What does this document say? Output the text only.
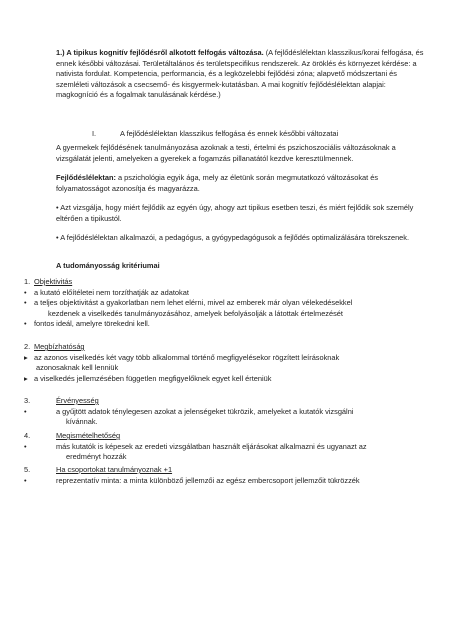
1.) A tipikus kognitív fejlődésről alkotott felfogás változása. (A fejlődéslélektan klasszikus/korai felfogása, és ennek későbbi változásai. Területáltalános és területspecifikus rendszerek. Az öröklés és környezet kérdése: a nativista fordulat. Kompetencia, performancia, és a legközelebbi fejlődési zóna; alapvető módszertani és szemléleti változások a csecsemő- és kisgyermek-kutatásban. A mai kognitív fejlődéslélektan alapjai: magkogníció és a fogalmak tanulásának kérdése.)

I.	A fejlődéslélektan klasszikus felfogása és ennek későbbi változatai

A gyermekek fejlődésének tanulmányozása azoknak a testi, értelmi és pszichoszociális változásoknak a vizsgálatát jelenti, amelyeken a gyerekek a fogamzás pillanatától kezdve keresztülmennek.

Fejlődéslélektan: a pszichológia egyik ága, mely az életünk során megmutatkozó változásokat és folyamatosságot azonosítja és magyarázza.

• Azt vizsgálja, hogy miért fejlődik az egyén úgy, ahogy azt tipikus esetben teszi, és miért fejlődik sok személy eltérően a tipikustól.

• A fejlődéslélektan alkalmazói, a pedagógus, a gyógypedagógusok a fejlődés optimalizálására törekszenek.

A tudományosság kritériumai

1. Objektivitás
•	a kutató előítéletei nem torzíthatják az adatokat
•	a teljes objektivitást a gyakorlatban nem lehet elérni, mivel az emberek már olyan vélekedésekkel
kezdenek a viselkedés tanulmányozásához, amelyek befolyásolják a látottak értelmezését
•	fontos ideál, amelyre törekedni kell.
2. Megbízhatóság
▸ az azonos viselkedés két vagy több alkalommal történő megfigyelésekor rögzített leírásoknak
azonosaknak kell lenniük
▸ a viselkedés jellemzésében független megfigyelőknek egyet kell érteniük
3.	Érvényesség
•	a gyűjtött adatok ténylegesen azokat a jelenségeket tükrözik, amelyeket a kutatók vizsgálni
kívánnak.
4.	Megismételhetőség
•	más kutatók is képesek az eredeti vizsgálatban használt eljárásokat alkalmazni és ugyanazt az
eredményt hozzák
5.	Ha csoportokat tanulmányoznak +1
•	reprezentatív minta: a minta különböző jellemzői az egész embercsoport jellemzőit tükrözzék
